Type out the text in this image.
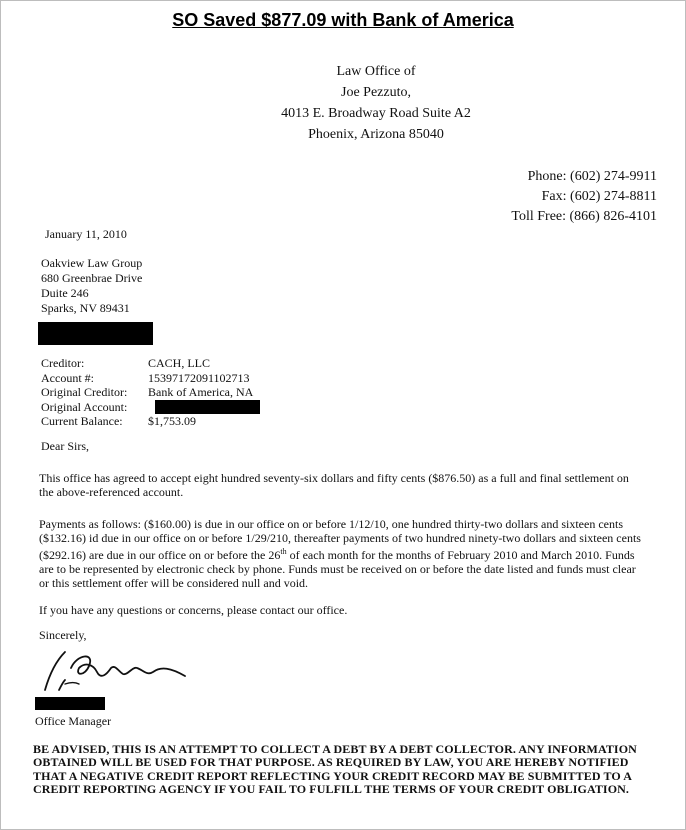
SO Saved $877.09 with Bank of America
Law Office of
Joe Pezzuto,
4013 E. Broadway Road Suite A2
Phoenix, Arizona 85040
Phone: (602) 274-9911
Fax: (602) 274-8811
Toll Free: (866) 826-4101
January 11, 2010
Oakview Law Group
680 Greenbrae Drive
Duite 246
Sparks, NV 89431
Creditor:	CACH, LLC
Account #:	15397172091102713
Original Creditor:	Bank of America, NA
Original Account:
Current Balance:	$1,753.09
Dear Sirs,
This office has agreed to accept eight hundred seventy-six dollars and fifty cents ($876.50) as a full and final settlement on the above-referenced account.
Payments as follows: ($160.00) is due in our office on or before 1/12/10, one hundred thirty-two dollars and sixteen cents ($132.16) id due in our office on or before 1/29/210, thereafter payments of two hundred ninety-two dollars and sixteen cents ($292.16) are due in our office on or before the 26th of each month for the months of February 2010 and March 2010. Funds are to be represented by electronic check by phone. Funds must be received on or before the date listed and funds must clear or this settlement offer will be considered null and void.
If you have any questions or concerns, please contact our office.
Sincerely,
Office Manager
BE ADVISED, THIS IS AN ATTEMPT TO COLLECT A DEBT BY A DEBT COLLECTOR. ANY INFORMATION OBTAINED WILL BE USED FOR THAT PURPOSE. AS REQUIRED BY LAW, YOU ARE HEREBY NOTIFIED THAT A NEGATIVE CREDIT REPORT REFLECTING YOUR CREDIT RECORD MAY BE SUBMITTED TO A CREDIT REPORTING AGENCY IF YOU FAIL TO FULFILL THE TERMS OF YOUR CREDIT OBLIGATION.
